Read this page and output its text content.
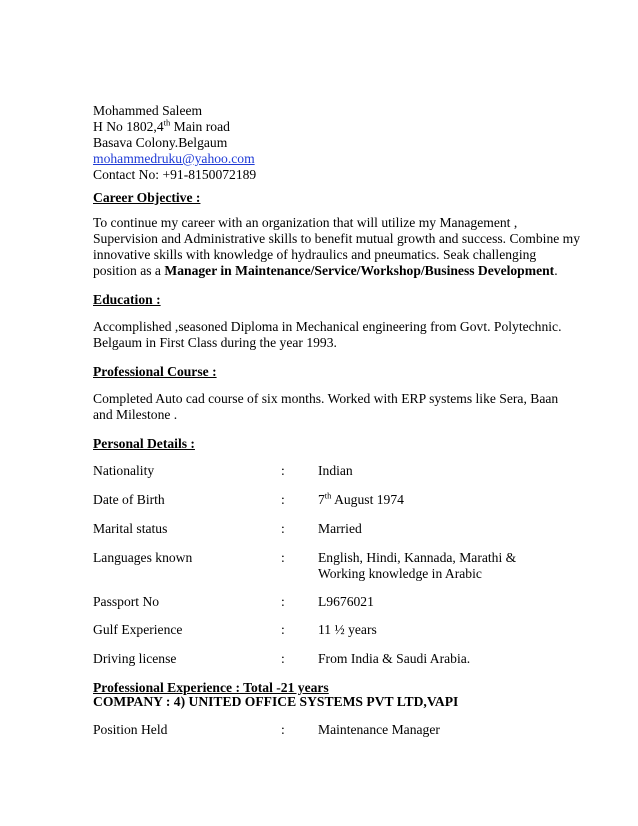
Mohammed Saleem
H No 1802,4th Main road
Basava Colony.Belgaum
mohammedruku@yahoo.com
Contact No: +91-8150072189
Career Objective :
To continue my career with an organization that will utilize my Management ,
Supervision and Administrative skills to benefit mutual growth and success. Combine my
innovative skills with knowledge of hydraulics and pneumatics. Seak challenging
position as a Manager in Maintenance/Service/Workshop/Business Development.
Education :
Accomplished ,seasoned Diploma in Mechanical engineering from Govt. Polytechnic.
Belgaum in First Class during the year 1993.
Professional Course :
Completed Auto cad course of six months. Worked with ERP systems like Sera, Baan
and Milestone .
Personal Details :
Nationality	: Indian
Date of Birth	: 7th August 1974
Marital status	: Married
Languages known	: English, Hindi, Kannada, Marathi &
Working knowledge in Arabic
Passport No	: L9676021
Gulf Experience	: 11 ½ years
Driving license	: From India & Saudi Arabia.
Professional Experience : Total -21 years
COMPANY : 4) UNITED OFFICE SYSTEMS PVT LTD,VAPI
Position Held	: Maintenance Manager
